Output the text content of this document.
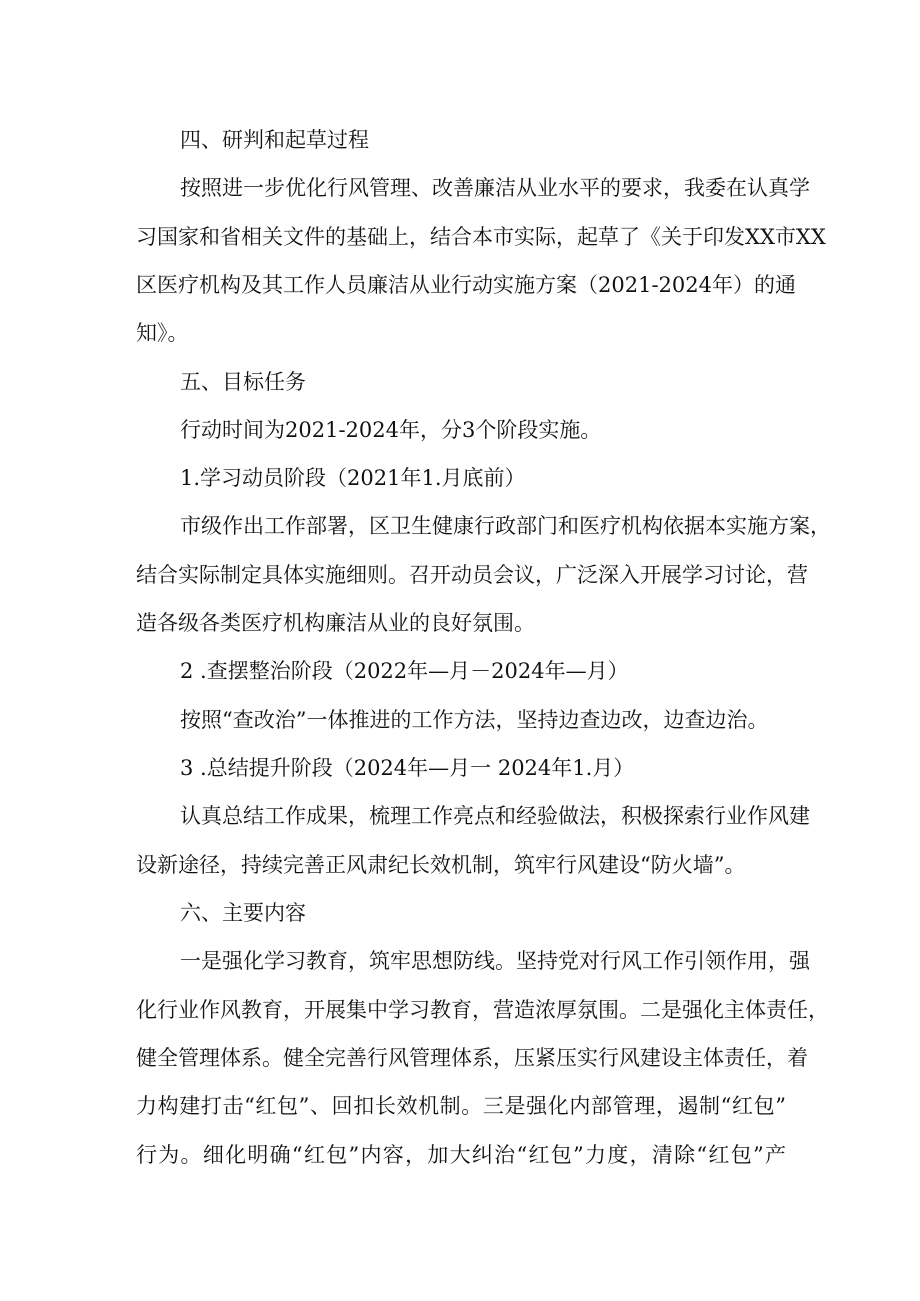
四、研判和起草过程
按照进一步优化行风管理、改善廉洁从业水平的要求，我委在认真学
习国家和省相关文件的基础上，结合本市实际，起草了《关于印发XX市XX
区医疗机构及其工作人员廉洁从业行动实施方案（2021-2024年）的通
知》。
五、目标任务
行动时间为2021-2024年，分3个阶段实施。
1.学习动员阶段（2021年1.月底前）
市级作出工作部署，区卫生健康行政部门和医疗机构依据本实施方案，
结合实际制定具体实施细则。召开动员会议，广泛深入开展学习讨论，营
造各级各类医疗机构廉洁从业的良好氛围。
2 .查摆整治阶段（2022年—月－2024年—月）
按照“查改治”一体推进的工作方法，坚持边查边改，边查边治。
3 .总结提升阶段（2024年—月一 2024年1.月）
认真总结工作成果，梳理工作亮点和经验做法，积极探索行业作风建
设新途径，持续完善正风肃纪长效机制，筑牢行风建设“防火墙”。
六、主要内容
一是强化学习教育，筑牢思想防线。坚持党对行风工作引领作用，强
化行业作风教育，开展集中学习教育，营造浓厚氛围。二是强化主体责任，
健全管理体系。健全完善行风管理体系，压紧压实行风建设主体责任，着
力构建打击“红包”、回扣长效机制。三是强化内部管理，遏制“红包”
行为。细化明确“红包”内容，加大纠治“红包”力度，清除“红包”产
